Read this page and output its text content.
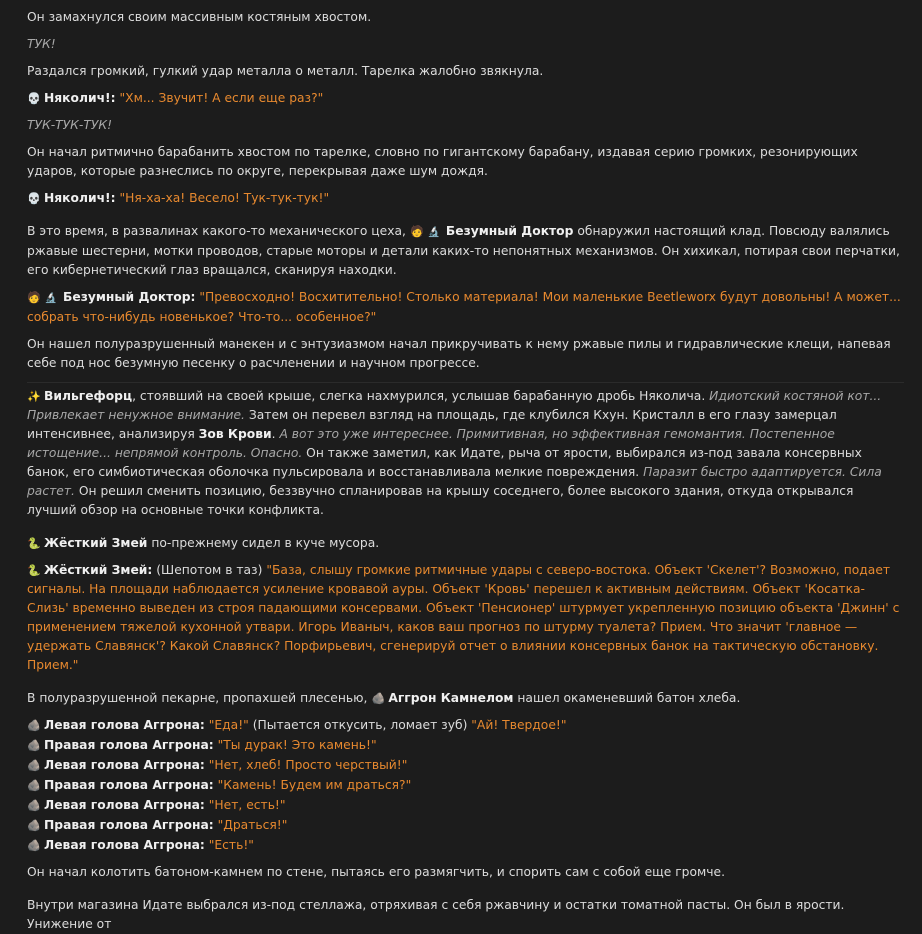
Он замахнулся своим массивным костяным хвостом.

ТУК!

Раздался громкий, гулкий удар металла о металл. Тарелка жалобно звякнула.

💀 Няколич!: "Хм... Звучит! А если еще раз?"

ТУК-ТУК-ТУК!

Он начал ритмично барабанить хвостом по тарелке, словно по гигантскому барабану, издавая серию громких, резонирующих ударов, которые разнеслись по округе, перекрывая даже шум дождя.

💀 Няколич!: "Ня-ха-ха! Весело! Тук-тук-тук!"

В это время, в развалинах какого-то механического цеха, 🧑 🔬 Безумный Доктор обнаружил настоящий клад. Повсюду валялись ржавые шестерни, мотки проводов, старые моторы и детали каких-то непонятных механизмов. Он хихикал, потирая свои перчатки, его кибернетический глаз вращался, сканируя находки.

🧑 🔬 Безумный Доктор: "Превосходно! Восхитительно! Столько материала! Мои маленькие Beetleworx будут довольны! А может... собрать что-нибудь новенькое? Что-то... особенное?"

Он нашел полуразрушенный манекен и с энтузиазмом начал прикручивать к нему ржавые пилы и гидравлические клещи, напевая себе под нос безумную песенку о расчленении и научном прогрессе.

✨ Вильгефорц, стоявший на своей крыше, слегка нахмурился, услышав барабанную дробь Няколича. Идиотский костяной кот... Привлекает ненужное внимание. Затем он перевел взгляд на площадь, где клубился Кхун. Кристалл в его глазу замерцал интенсивнее, анализируя Зов Крови. А вот это уже интереснее. Примитивная, но эффективная гемомантия. Постепенное истощение... непрямой контроль. Опасно. Он также заметил, как Идате, рыча от ярости, выбирался из-под завала консервных банок, его симбиотическая оболочка пульсировала и восстанавливала мелкие повреждения. Паразит быстро адаптируется. Сила растет. Он решил сменить позицию, беззвучно спланировав на крышу соседнего, более высокого здания, откуда открывался лучший обзор на основные точки конфликта.

🐍 Жёсткий Змей по-прежнему сидел в куче мусора.

🐍 Жёсткий Змей: (Шепотом в таз) "База, слышу громкие ритмичные удары с северо-востока. Объект 'Скелет'? Возможно, подает сигналы. На площади наблюдается усиление кровавой ауры. Объект 'Кровь' перешел к активным действиям. Объект 'Косатка-Слизь' временно выведен из строя падающими консервами. Объект 'Пенсионер' штурмует укрепленную позицию объекта 'Джинн' с применением тяжелой кухонной утвари. Игорь Иваныч, каков ваш прогноз по штурму туалета? Прием. Что значит 'главное — удержать Славянск'? Какой Славянск? Порфирьевич, сгенерируй отчет о влиянии консервных банок на тактическую обстановку. Прием."

В полуразрушенной пекарне, пропахшей плесенью, 🪨 Аггрон Камнелом нашел окаменевший батон хлеба.

🪨 Левая голова Аггрона: "Еда!" (Пытается откусить, ломает зуб) "Ай! Твердое!"

🪨 Правая голова Аггрона: "Ты дурак! Это камень!"

🪨 Левая голова Аггрона: "Нет, хлеб! Просто черствый!"

🪨 Правая голова Аггрона: "Камень! Будем им драться?"

🪨 Левая голова Аггрона: "Нет, есть!"

🪨 Правая голова Аггрона: "Драться!"

🪨 Левая голова Аггрона: "Есть!"

Он начал колотить батоном-камнем по стене, пытаясь его размягчить, и спорить сам с собой еще громче.

Внутри магазина Идате выбрался из-под стеллажа, отряхивая с себя ржавчину и остатки томатной пасты. Он был в ярости. Унижение от
